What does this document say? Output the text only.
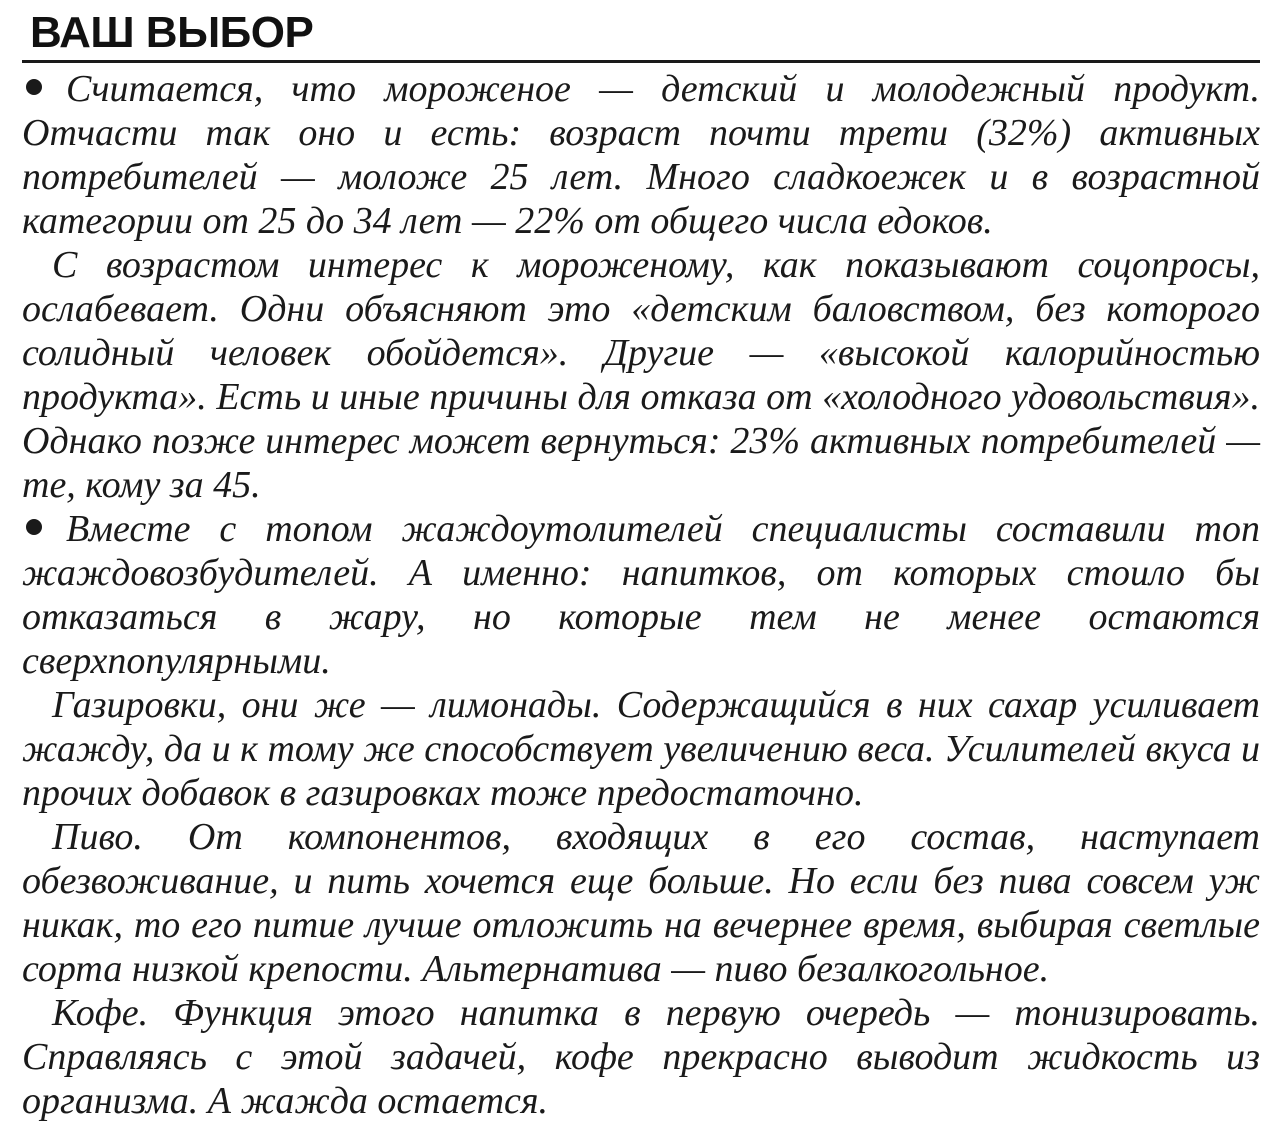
ВАШ ВЫБОР

Считается, что мороженое — детский и молодежный продукт. Отчасти так оно и есть: возраст почти трети (32%) активных потребителей — моложе 25 лет. Много сладкоежек и в возрастной категории от 25 до 34 лет — 22% от общего числа едоков.

С возрастом интерес к мороженому, как показывают соцопросы, ослабевает. Одни объясняют это «детским баловством, без которого солидный человек обойдется». Другие — «высокой калорийностью продукта». Есть и иные причины для отказа от «холодного удовольствия». Однако позже интерес может вернуться: 23% активных потребителей — те, кому за 45.

Вместе с топом жаждоутолителей специалисты составили топ жаждовозбудителей. А именно: напитков, от которых стоило бы отказаться в жару, но которые тем не менее остаются сверхпопулярными.

Газировки, они же — лимонады. Содержащийся в них сахар усиливает жажду, да и к тому же способствует увеличению веса. Усилителей вкуса и прочих добавок в газировках тоже предостаточно.

Пиво. От компонентов, входящих в его состав, наступает обезвоживание, и пить хочется еще больше. Но если без пива совсем уж никак, то его питие лучше отложить на вечернее время, выбирая светлые сорта низкой крепости. Альтернатива — пиво безалкогольное.

Кофе. Функция этого напитка в первую очередь — тонизировать. Справляясь с этой задачей, кофе прекрасно выводит жидкость из организма. А жажда остается.
